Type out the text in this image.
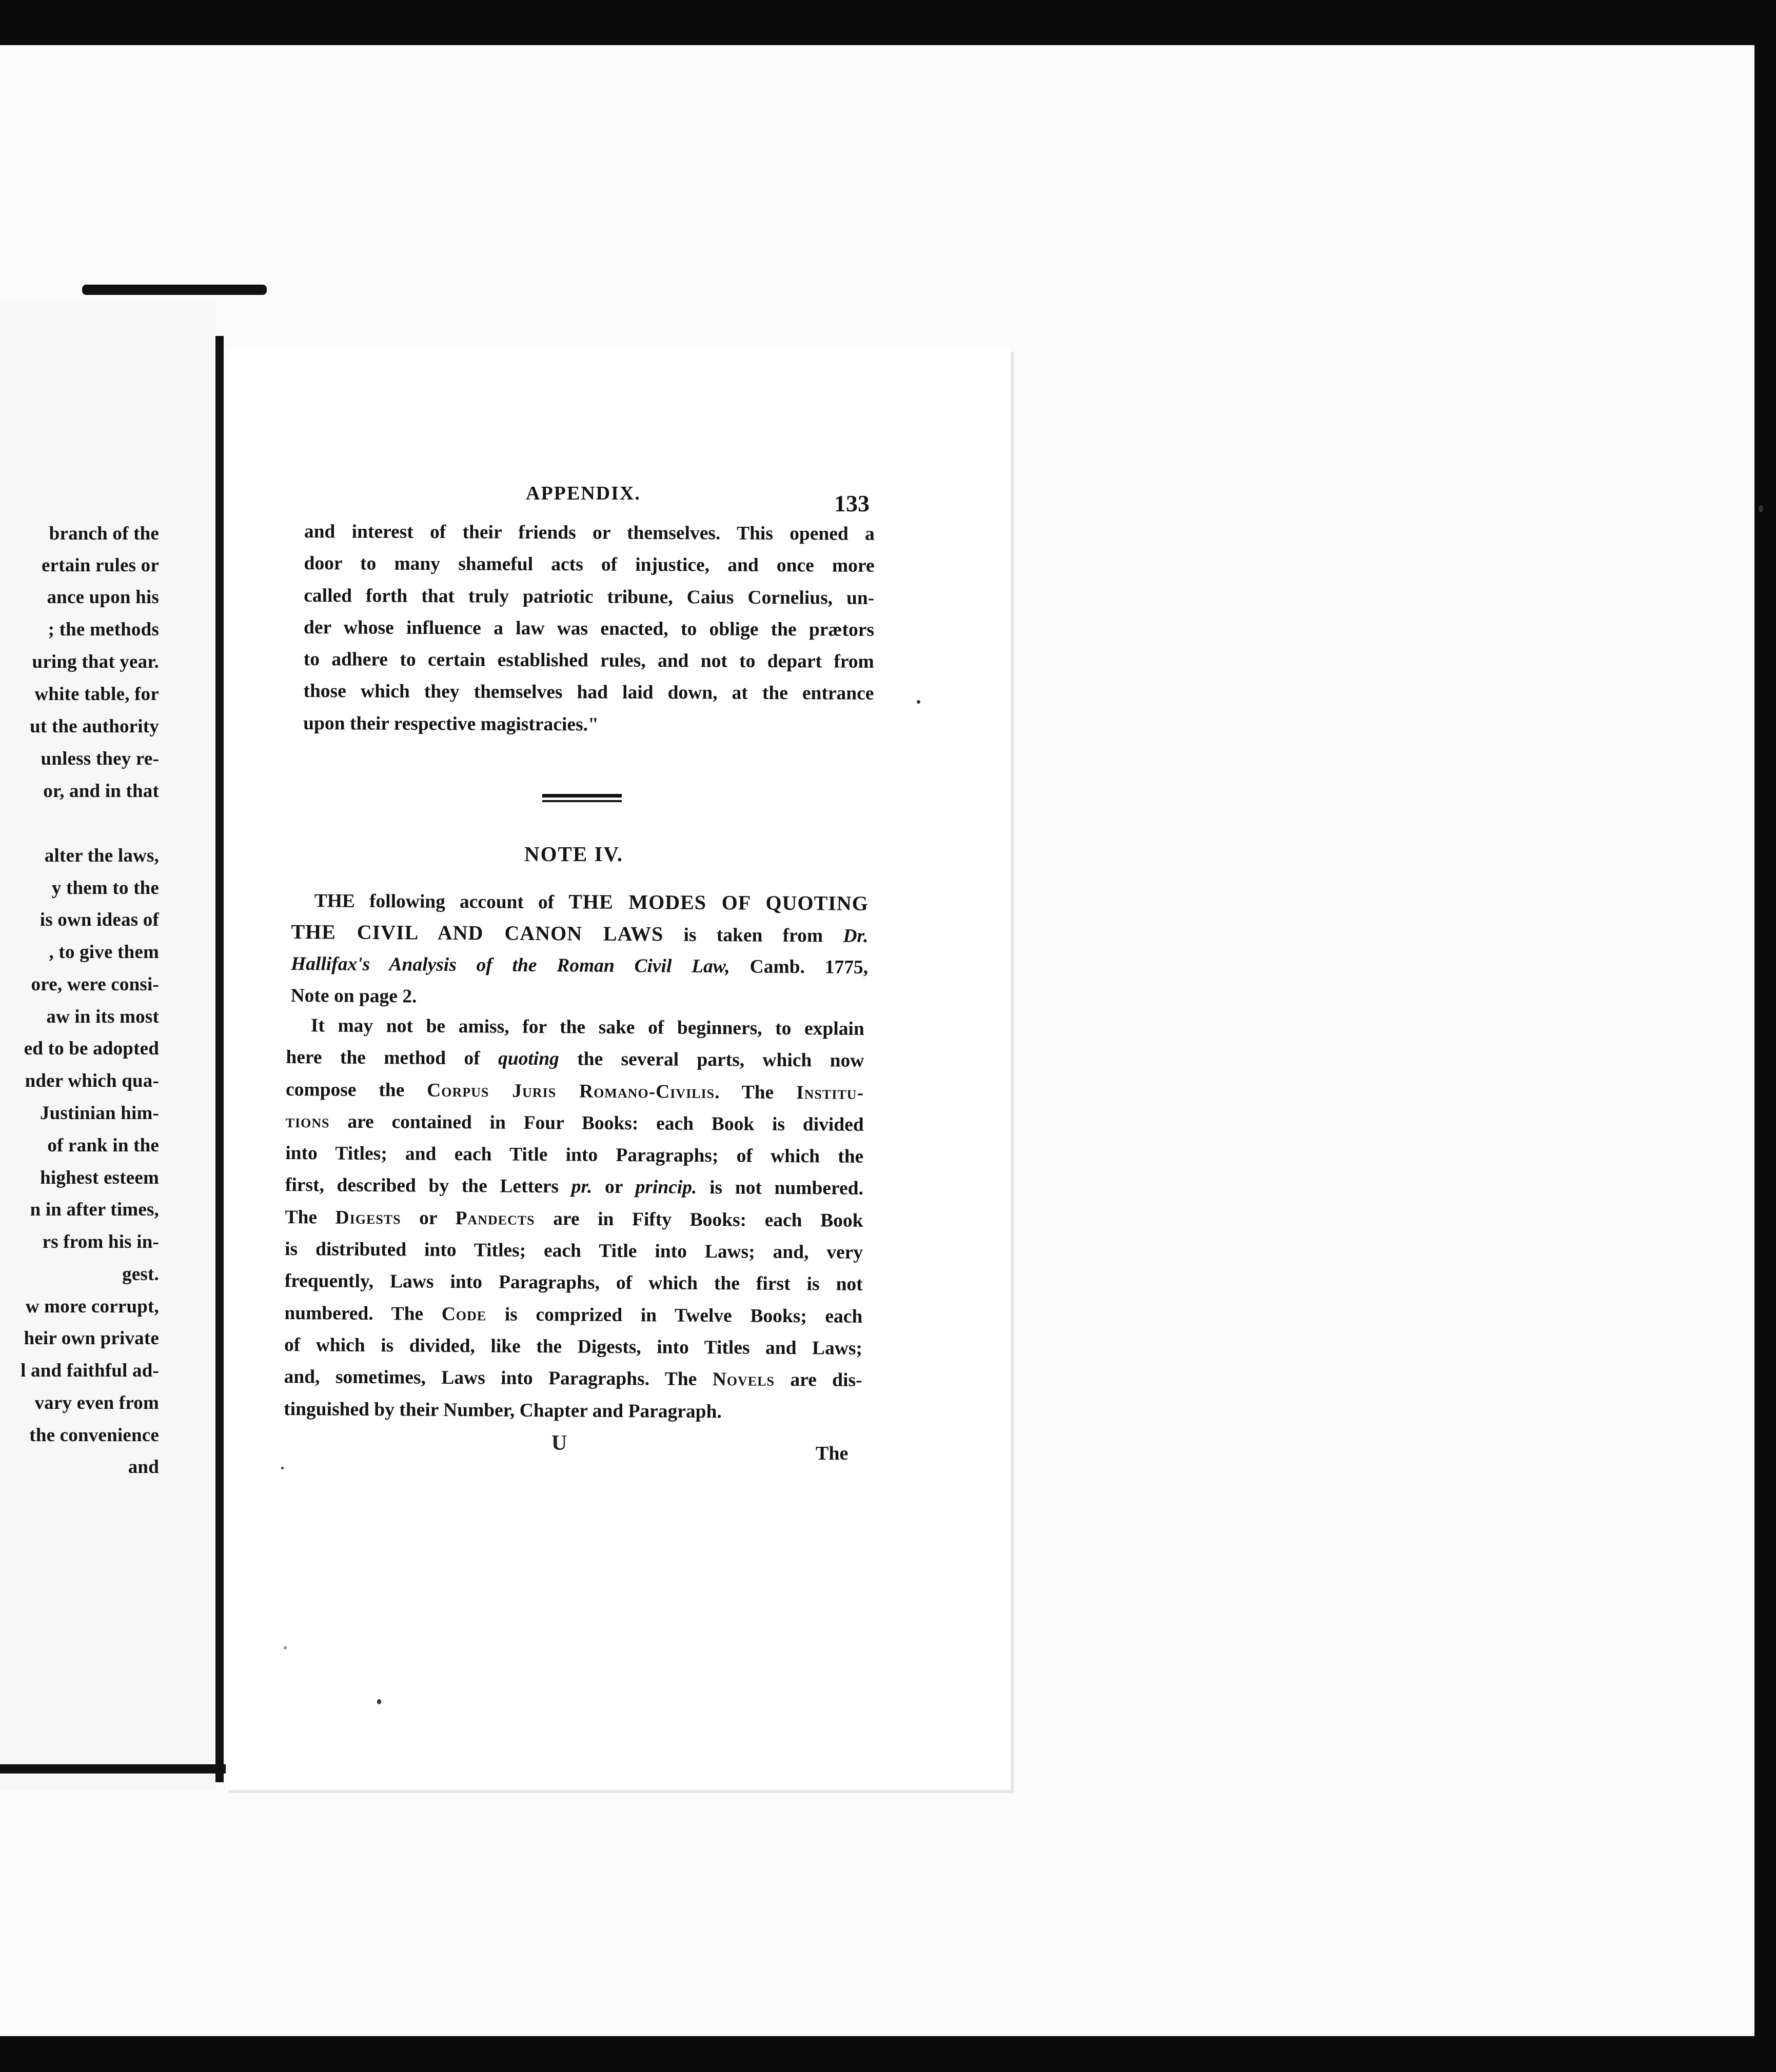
branch of the
ertain rules or
ance upon his
; the methods
uring that year.
white table, for
ut the authority
unless they re-
or, and in that
alter the laws,
y them to the
is own ideas of
, to give them
ore, were consi-
aw in its most
ed to be adopted
nder which qua-
Justinian him-
of rank in the
highest esteem
n in after times,
rs from his in-
gest.
w more corrupt,
heir own private
l and faithful ad-
vary even from
the convenience
and
APPENDIX.	133
and interest of their friends or themselves. This opened a
door to many shameful acts of injustice, and once more
called forth that truly patriotic tribune, Caius Cornelius, un-
der whose influence a law was enacted, to oblige the prætors
to adhere to certain established rules, and not to depart from
those which they themselves had laid down, at the entrance
upon their respective magistracies."
NOTE IV.
THE following account of THE MODES OF QUOTING
THE CIVIL AND CANON LAWS is taken from Dr.
Hallifax's Analysis of the Roman Civil Law, Camb. 1775,
Note on page 2.
It may not be amiss, for the sake of beginners, to explain
here the method of quoting the several parts, which now
compose the Corpus Juris Romano-Civilis. The Institu-
tions are contained in Four Books: each Book is divided
into Titles; and each Title into Paragraphs; of which the
first, described by the Letters pr. or princip. is not numbered.
The Digests or Pandects are in Fifty Books: each Book
is distributed into Titles; each Title into Laws; and, very
frequently, Laws into Paragraphs, of which the first is not
numbered. The Code is comprized in Twelve Books; each
of which is divided, like the Digests, into Titles and Laws;
and, sometimes, Laws into Paragraphs. The Novels are dis-
tinguished by their Number, Chapter and Paragraph.
U	The
